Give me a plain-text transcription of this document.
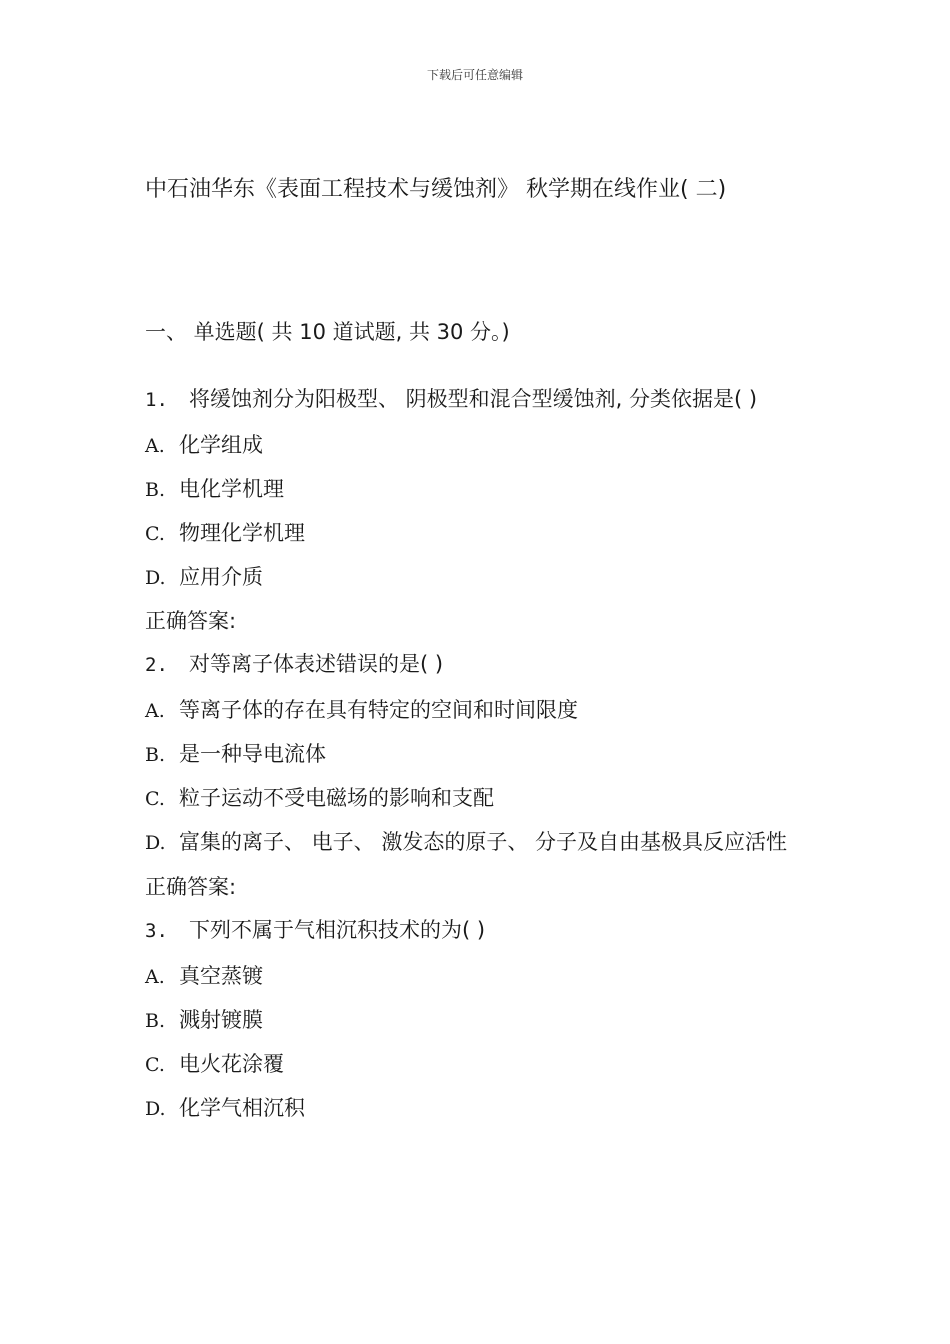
下载后可任意编辑
中石油华东《表面工程技术与缓蚀剂》 秋学期在线作业( 二)
一、 单选题( 共 10 道试题, 共 30 分。)
1. 将缓蚀剂分为阳极型、 阴极型和混合型缓蚀剂, 分类依据是( )
A. 化学组成
B. 电化学机理
C. 物理化学机理
D. 应用介质
正确答案:
2. 对等离子体表述错误的是( )
A. 等离子体的存在具有特定的空间和时间限度
B. 是一种导电流体
C. 粒子运动不受电磁场的影响和支配
D. 富集的离子、 电子、 激发态的原子、 分子及自由基极具反应活性
正确答案:
3. 下列不属于气相沉积技术的为( )
A. 真空蒸镀
B. 溅射镀膜
C. 电火花涂覆
D. 化学气相沉积
